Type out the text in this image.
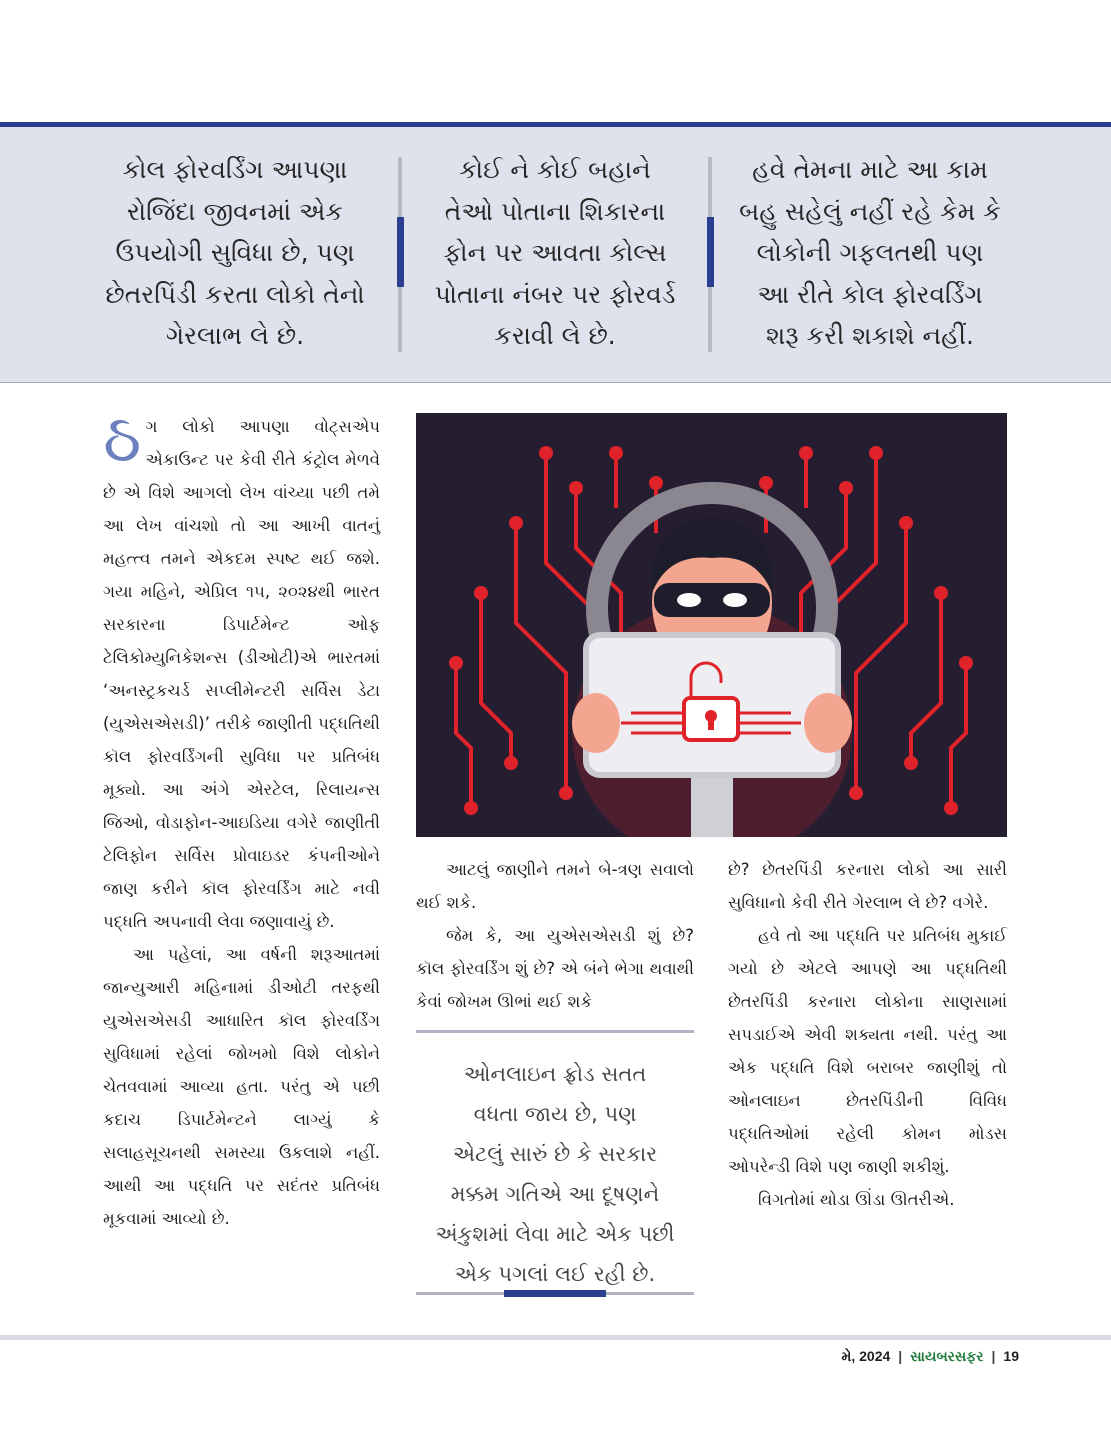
કોલ ફોરવર્ડિંગ આપણા
રોજિંદા જીવનમાં એક
ઉપયોગી સુવિધા છે, પણ
છેતરપિંડી કરતા લોકો તેનો
ગેરલાભ લે છે.
કોઈ ને કોઈ બહાને
તેઓ પોતાના શિકારના
ફોન પર આવતા કોલ્સ
પોતાના નંબર પર ફોરવર્ડ
કરાવી લે છે.
હવે તેમના માટે આ કામ
બહુ સહેલું નહીં રહે કેમ કે
લોકોની ગફલતથી પણ
આ રીતે કોલ ફોરવર્ડિંગ
શરૂ કરી શકાશે નહીં.

ઠગ લોકો આપણા વોટ્સએપ એકાઉન્ટ પર કેવી રીતે કંટ્રોલ મેળવે છે એ વિશે આગલો લેખ વાંચ્યા પછી તમે આ લેખ વાંચશો તો આ આખી વાતનું મહત્ત્વ તમને એકદમ સ્પષ્ટ થઈ જશે. ગયા મહિને, એપ્રિલ ૧૫, ૨૦૨૪થી ભારત સરકારના ડિપાર્ટમેન્ટ ઓફ ટેલિકોમ્યુનિકેશન્સ (ડીઓટી)એ ભારતમાં ‘અનસ્ટ્રકચર્ડ સપ્લીમેન્ટરી સર્વિસ ડેટા (યુએસએસડી)’ તરીકે જાણીતી પદ્ધતિથી કૉલ ફોરવર્ડિંગની સુવિધા પર પ્રતિબંધ મૂક્યો. આ અંગે એરટેલ, રિલાયન્સ જિઓ, વોડાફોન-આઇડિયા વગેરે જાણીતી ટેલિફોન સર્વિસ પ્રોવાઇડર કંપનીઓને જાણ કરીને કૉલ ફોરવર્ડિંગ માટે નવી પદ્ધતિ અપનાવી લેવા જણાવાયું છે.

આ પહેલાં, આ વર્ષની શરૂઆતમાં જાન્યુઆરી મહિનામાં ડીઓટી તરફથી યુએસએસડી આધારિત કૉલ ફોરવર્ડિંગ સુવિધામાં રહેલાં જોખમો વિશે લોકોને ચેતવવામાં આવ્યા હતા. પરંતુ એ પછી કદાચ ડિપાર્ટમેન્ટને લાગ્યું કે સલાહસૂચનથી સમસ્યા ઉકલાશે નહીં. આથી આ પદ્ધતિ પર સદંતર પ્રતિબંધ મૂકવામાં આવ્યો છે.

આટલું જાણીને તમને બે-ત્રણ સવાલો થઈ શકે.

જેમ કે, આ યુએસએસડી શું છે? કૉલ ફોરવર્ડિંગ શું છે? એ બંને ભેગા થવાથી કેવાં જોખમ ઊભાં થઈ શકે

ઓનલાઇન ફ્રોડ સતત
વધતા જાય છે, પણ
એટલું સારું છે કે સરકાર
મક્કમ ગતિએ આ દૂષણને
અંકુશમાં લેવા માટે એક પછી
એક પગલાં લઈ રહી છે.

છે? છેતરપિંડી કરનારા લોકો આ સારી સુવિધાનો કેવી રીતે ગેરલાભ લે છે? વગેરે.

હવે તો આ પદ્ધતિ પર પ્રતિબંધ મુકાઈ ગયો છે એટલે આપણે આ પદ્ધતિથી છેતરપિંડી કરનારા લોકોના સાણસામાં સપડાઈએ એવી શક્યતા નથી. પરંતુ આ એક પદ્ધતિ વિશે બરાબર જાણીશું તો ઓનલાઇન છેતરપિંડીની વિવિધ પદ્ધતિઓમાં રહેલી કોમન મોડસ ઓપરેન્ડી વિશે પણ જાણી શકીશું.

વિગતોમાં થોડા ઊંડા ઊતરીએ.

મે, 2024 | સાયબરસફર | 19
